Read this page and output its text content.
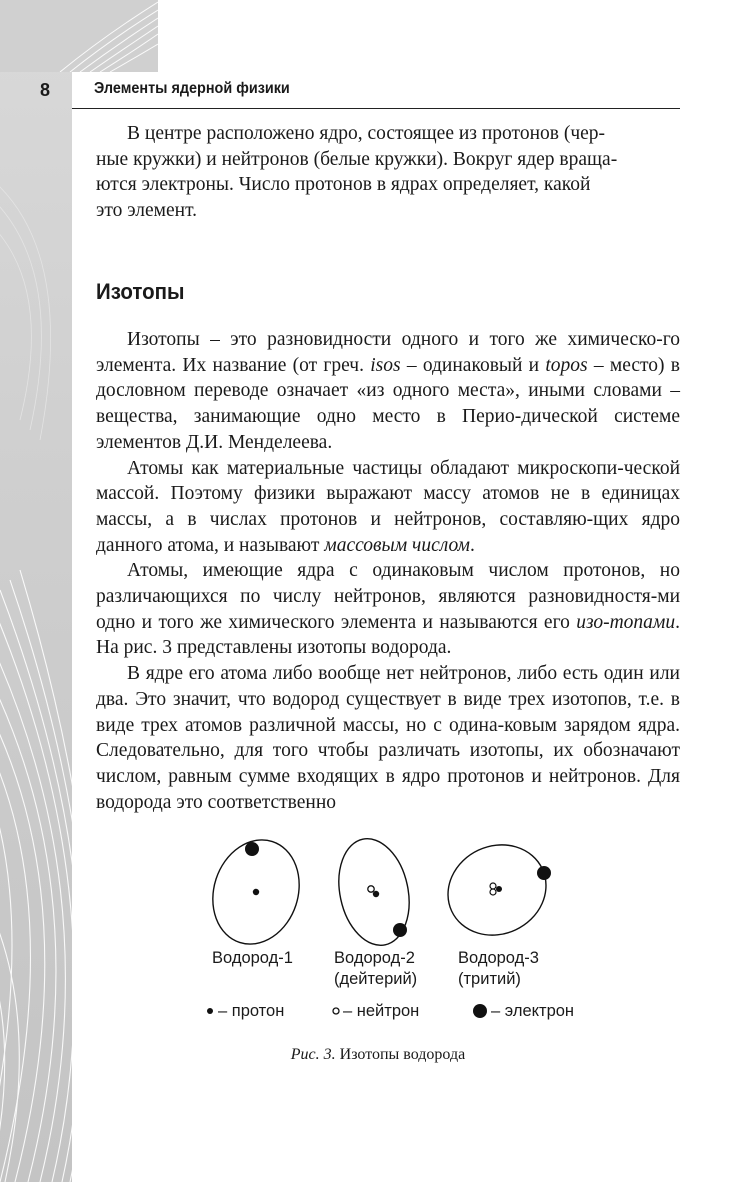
8	Элементы ядерной физики
В центре расположено ядро, состоящее из протонов (чер-
ные кружки) и нейтронов (белые кружки). Вокруг ядер враща-
ются электроны. Число протонов в ядрах определяет, какой
это элемент.
Изотопы

Изотопы – это разновидности одного и того же химическо-го элемента. Их название (от греч. isos – одинаковый и topos – место) в дословном переводе означает «из одного места», иными словами – вещества, занимающие одно место в Перио-дической системе элементов Д.И. Менделеева.

Атомы как материальные частицы обладают микроскопи-ческой массой. Поэтому физики выражают массу атомов не в единицах массы, а в числах протонов и нейтронов, составляю-щих ядро данного атома, и называют массовым числом.

Атомы, имеющие ядра с одинаковым числом протонов, но различающихся по числу нейтронов, являются разновидностя-ми одно и того же химического элемента и называются его изо-топами. На рис. 3 представлены изотопы водорода.

В ядре его атома либо вообще нет нейтронов, либо есть один или два. Это значит, что водород существует в виде трех изотопов, т.е. в виде трех атомов различной массы, но с одина-ковым зарядом ядра. Следовательно, для того чтобы различать изотопы, их обозначают числом, равным сумме входящих в ядро протонов и нейтронов. Для водорода это соответственно

Водород-1 Водород-2
(дейтерий)
Водород-3
(тритий)
– протон	– нейтрон	– электрон
Рис. 3. Изотопы водорода
